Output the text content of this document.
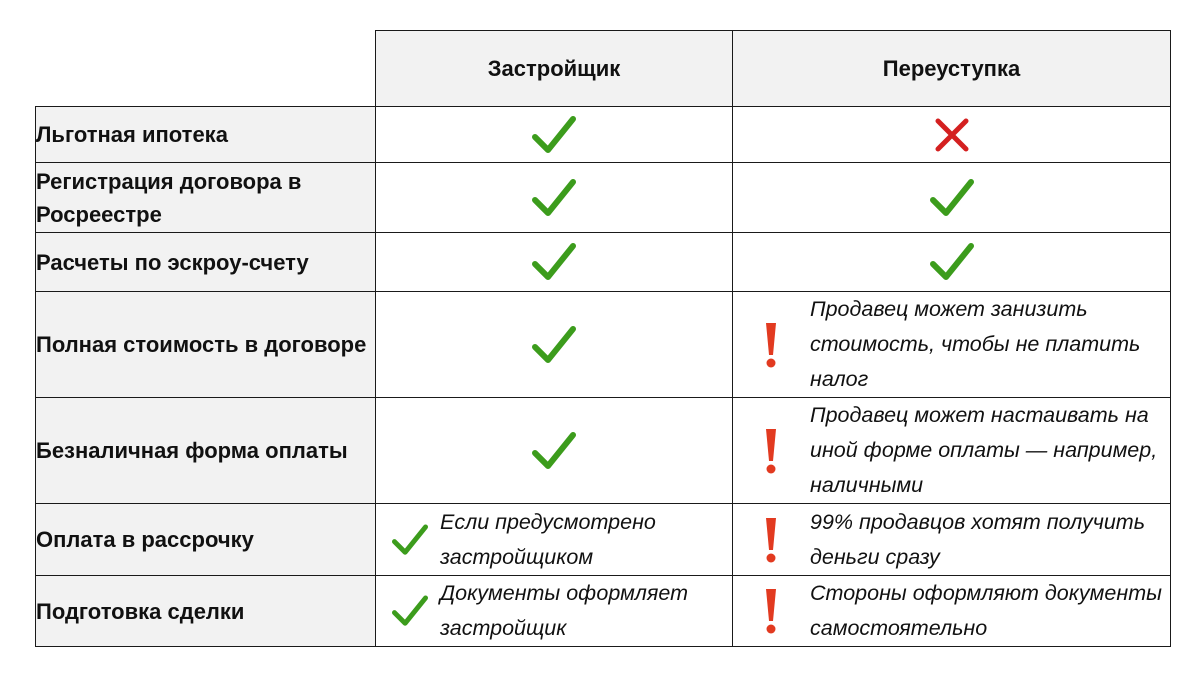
	Застройщик	Переуступка
Льготная ипотека	

Регистрация договора в Росреестре	

Расчеты по эскроу-счету	

Полная стоимость в договоре		Продавец может занизить стоимость, чтобы не платить налог

Безналичная форма оплаты		Продавец может настаивать на иной форме оплаты — например, наличными

Оплата в рассрочку	Если предусмотрено застройщиком	99% продавцов хотят получить деньги сразу

Подготовка сделки	Документы оформляет застройщик	Стороны оформляют документы самостоятельно
